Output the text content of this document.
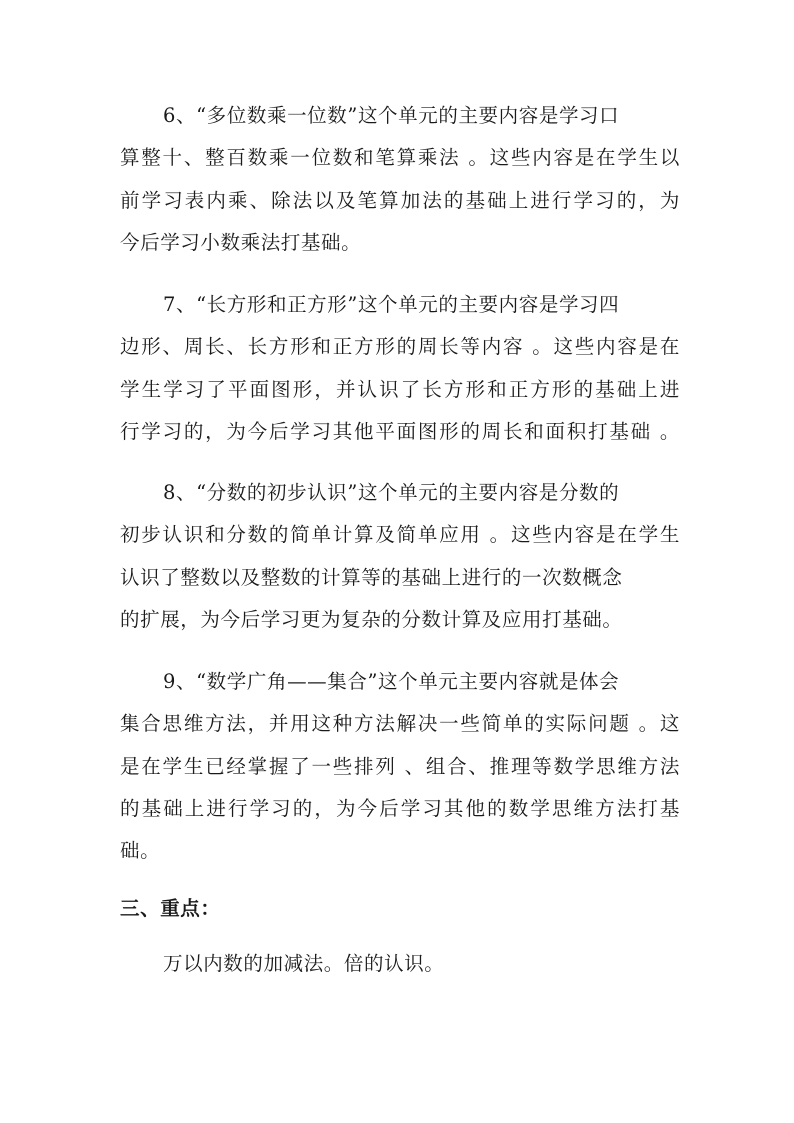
6、“多位数乘一位数”这个单元的主要内容是学习口
算整十、整百数乘一位数和笔算乘法 。这些内容是在学生以
前学习表内乘、除法以及笔算加法的基础上进行学习的，为
今后学习小数乘法打基础。
7、“长方形和正方形”这个单元的主要内容是学习四
边形、周长、长方形和正方形的周长等内容 。这些内容是在
学生学习了平面图形，并认识了长方形和正方形的基础上进
行学习的，为今后学习其他平面图形的周长和面积打基础 。
8、“分数的初步认识”这个单元的主要内容是分数的
初步认识和分数的简单计算及简单应用 。这些内容是在学生
认识了整数以及整数的计算等的基础上进行的一次数概念
的扩展，为今后学习更为复杂的分数计算及应用打基础。
9、“数学广角——集合”这个单元主要内容就是体会
集合思维方法，并用这种方法解决一些简单的实际问题 。这
是在学生已经掌握了一些排列 、组合、推理等数学思维方法
的基础上进行学习的，为今后学习其他的数学思维方法打基
础。
三、重点：
万以内数的加减法。倍的认识。
